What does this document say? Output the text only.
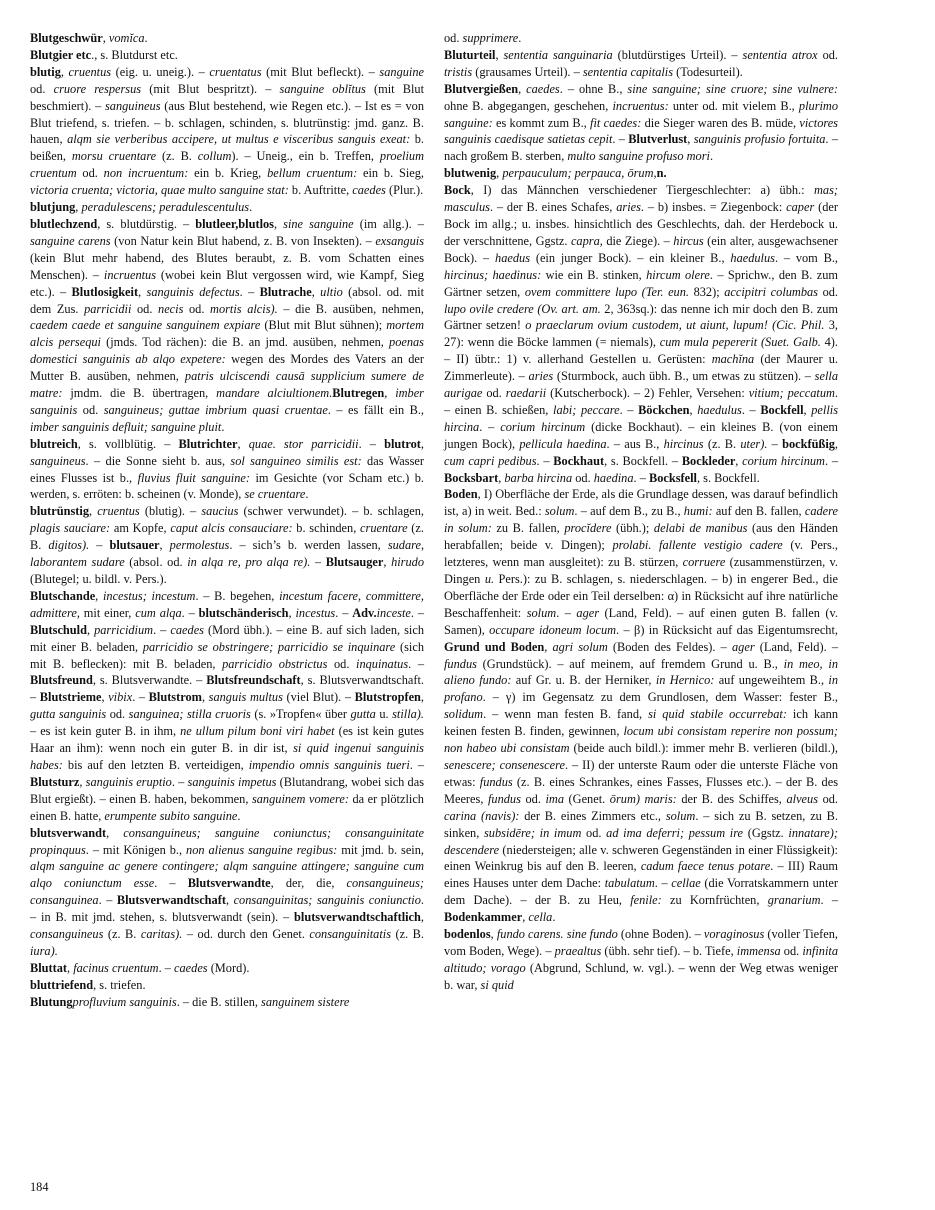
Blutgeschwür, vomĭca.

Blutgier etc., s. Blutdurst etc.

blutig, cruentus (eig. u. uneig.). – cruentatus (mit Blut befleckt). – sanguine od. cruore respersus (mit Blut bespritzt). – sanguine oblĭtus (mit Blut beschmiert). – sanguineus (aus Blut bestehend, wie Regen etc.). – Ist es = von Blut triefend, s. triefen. – b. schlagen, schinden, s. blutrünstig: jmd. ganz. B. hauen, alqm sie verberibus accipere, ut multus e visceribus sanguis exeat: b. beißen, morsu cruentare (z. B. collum). – Uneig., ein b. Treffen, proelium cruentum od. non incruentum: ein b. Krieg, bellum cruentum: ein b. Sieg, victoria cruenta; victoria, quae multo sanguine stat: b. Auftritte, caedes (Plur.).

blutjung, peradulescens; peradulescentulus.

blutlechzend, s. blutdürstig. – blutleer,blutlos, sine sanguine (im allg.). – sanguine carens (von Natur kein Blut habend, z. B. von Insekten). – exsanguis (kein Blut mehr habend, des Blutes beraubt, z. B. vom Schatten eines Menschen). – incruentus (wobei kein Blut vergossen wird, wie Kampf, Sieg etc.). – Blutlosigkeit, sanguinis defectus. – Blutrache, ultio (absol. od. mit dem Zus. parricidii od. necis od. mortis alcis). – die B. ausüben, nehmen, caedem caede et sanguine sanguinem expiare (Blut mit Blut sühnen); mortem alcis persequi (jmds. Tod rächen): die B. an jmd. ausüben, nehmen, poenas domestici sanguinis ab alqo expetere: wegen des Mordes des Vaters an der Mutter B. ausüben, nehmen, patris ulciscendi causā supplicium sumere de matre: jmdm. die B. übertragen, mandare alciultionem.Blutregen, imber sanguinis od. sanguineus; guttae imbrium quasi cruentae. – es fällt ein B., imber sanguinis defluit; sanguine pluit.

blutreich, s. vollblütig. – Blutrichter, quae. stor parricidii. – blutrot, sanguineus. – die Sonne sieht b. aus, sol sanguineo similis est: das Wasser eines Flusses ist b., fluvius fluit sanguine: im Gesichte (vor Scham etc.) b. werden, s. erröten: b. scheinen (v. Monde), se cruentare.

blutrünstig, cruentus (blutig). – saucius (schwer verwundet). – b. schlagen, plagis sauciare: am Kopfe, caput alcis consauciare: b. schinden, cruentare (z. B. digitos). – blutsauer, permolestus. – sich’s b. werden lassen, sudare, laborantem sudare (absol. od. in alqa re, pro alqa re). – Blutsauger, hirudo (Blutegel; u. bildl. v. Pers.).

Blutschande, incestus; incestum. – B. begehen, incestum facere, committere, admittere, mit einer, cum alqa. – blutschänderisch, incestus. – Adv.inceste. – Blutschuld, parricidium. – caedes (Mord übh.). – eine B. auf sich laden, sich mit einer B. beladen, parricidio se obstringere; parricidio se inquinare (sich mit B. beflecken): mit B. beladen, parricidio obstrictus od. inquinatus. – Blutsfreund, s. Blutsverwandte. – Blutsfreundschaft, s. Blutsverwandtschaft. – Blutstrieme, vibix. – Blutstrom, sanguis multus (viel Blut). – Blutstropfen, gutta sanguinis od. sanguinea; stilla cruoris (s. »Tropfen« über gutta u. stilla). – es ist kein guter B. in ihm, ne ullum pilum boni viri habet (es ist kein gutes Haar an ihm): wenn noch ein guter B. in dir ist, si quid ingenui sanguinis habes: bis auf den letzten B. verteidigen, impendio omnis sanguinis tueri. – Blutsturz, sanguinis eruptio. – sanguinis impetus (Blutandrang, wobei sich das Blut ergießt). – einen B. haben, bekommen, sanguinem vomere: da er plötzlich einen B. hatte, erumpente subito sanguine.

blutsverwandt, consanguineus; sanguine coniunctus; consanguinitate propinquus. – mit Königen b., non alienus sanguine regibus: mit jmd. b. sein, alqm sanguine ac genere contingere; alqm sanguine attingere; sanguine cum alqo coniunctum esse. – Blutsverwandte, der, die, consanguineus; consanguinea. – Blutsverwandtschaft, consanguinitas; sanguinis coniunctio. – in B. mit jmd. stehen, s. blutsverwandt (sein). – blutsverwandtschaftlich, consanguineus (z. B. caritas). – od. durch den Genet. consanguinitatis (z. B. iura).

Bluttat, facinus cruentum. – caedes (Mord).

bluttriefend, s. triefen.

Blutungprofluvium sanguinis. – die B. stillen, sanguinem sistere

od. supprimere.

Bluturteil, sententia sanguinaria (blutdürstiges Urteil). – sententia atrox od. tristis (grausames Urteil). – sententia capitalis (Todesurteil).

Blutvergießen, caedes. – ohne B., sine sanguine; sine cruore; sine vulnere: ohne B. abgegangen, geschehen, incruentus: unter od. mit vielem B., plurimo sanguine: es kommt zum B., fit caedes: die Sieger waren des B. müde, victores sanguinis caedisque satietas cepit. – Blutverlust, sanguinis profusio fortuita. – nach großem B. sterben, multo sanguine profuso mori.

blutwenig, perpauculum; perpauca, ōrum,n.

Bock, I) das Männchen verschiedener Tiergeschlechter: a) übh.: mas; masculus. – der B. eines Schafes, aries. – b) insbes. = Ziegenbock: caper (der Bock im allg.; u. insbes. hinsichtlich des Geschlechts, dah. der Herdebock u. der verschnittene, Ggstz. capra, die Ziege). – hircus (ein alter, ausgewachsener Bock). – haedus (ein junger Bock). – ein kleiner B., haedulus. – vom B., hircinus; haedinus: wie ein B. stinken, hircum olere. – Sprichw., den B. zum Gärtner setzen, ovem committere lupo (Ter. eun. 832); accipitri columbas od. lupo ovile credere (Ov. art. am. 2, 363sq.): das nenne ich mir doch den B. zum Gärtner setzen! o praeclarum ovium custodem, ut aiunt, lupum! (Cic. Phil. 3, 27): wenn die Böcke lammen (= niemals), cum mula pepererit (Suet. Galb. 4). – II) übtr.: 1) v. allerhand Gestellen u. Gerüsten: machĭna (der Maurer u. Zimmerleute). – aries (Sturmbock, auch übh. B., um etwas zu stützen). – sella aurigae od. raedarii (Kutscherbock). – 2) Fehler, Versehen: vitium; peccatum. – einen B. schießen, labi; peccare. – Böckchen, haedulus. – Bockfell, pellis hircina. – corium hircinum (dicke Bockhaut). – ein kleines B. (von einem jungen Bock), pellicula haedina. – aus B., hircinus (z. B. uter). – bockfüßig, cum capri pedibus. – Bockhaut, s. Bockfell. – Bockleder, corium hircinum. – Bocksbart, barba hircina od. haedina. – Bocksfell, s. Bockfell.

Boden, I) Oberfläche der Erde, als die Grundlage dessen, was darauf befindlich ist, a) in weit. Bed.: solum. – auf dem B., zu B., humi: auf den B. fallen, cadere in solum: zu B. fallen, procĭdere (übh.); delabi de manibus (aus den Händen herabfallen; beide v. Dingen); prolabi. fallente vestigio cadere (v. Pers., letzteres, wenn man ausgleitet): zu B. stürzen, corruere (zusammenstürzen, v. Dingen u. Pers.): zu B. schlagen, s. niederschlagen. – b) in engerer Bed., die Oberfläche der Erde oder ein Teil derselben: α) in Rücksicht auf ihre natürliche Beschaffenheit: solum. – ager (Land, Feld). – auf einen guten B. fallen (v. Samen), occupare idoneum locum. – β) in Rücksicht auf das Eigentumsrecht, Grund und Boden, agri solum (Boden des Feldes). – ager (Land, Feld). – fundus (Grundstück). – auf meinem, auf fremdem Grund u. B., in meo, in alieno fundo: auf Gr. u. B. der Herniker, in Hernico: auf ungeweihtem B., in profano. – γ) im Gegensatz zu dem Grundlosen, dem Wasser: fester B., solidum. – wenn man festen B. fand, si quid stabile occurrebat: ich kann keinen festen B. finden, gewinnen, locum ubi consistam reperire non possum; non habeo ubi consistam (beide auch bildl.): immer mehr B. verlieren (bildl.), senescere; consenescere. – II) der unterste Raum oder die unterste Fläche von etwas: fundus (z. B. eines Schrankes, eines Fasses, Flusses etc.). – der B. des Meeres, fundus od. ima (Genet. ōrum) maris: der B. des Schiffes, alveus od. carina (navis): der B. eines Zimmers etc., solum. – sich zu B. setzen, zu B. sinken, subsidēre; in imum od. ad ima deferri; pessum ire (Ggstz. innatare); descendere (niedersteigen; alle v. schweren Gegenständen in einer Flüssigkeit): einen Weinkrug bis auf den B. leeren, cadum faece tenus potare. – III) Raum eines Hauses unter dem Dache: tabulatum. – cellae (die Vorratskammern unter dem Dache). – der B. zu Heu, fenile: zu Kornfrüchten, granarium. – Bodenkammer, cella.

bodenlos, fundo carens. sine fundo (ohne Boden). – voraginosus (voller Tiefen, vom Boden, Wege). – praealtus (übh. sehr tief). – b. Tiefe, immensa od. infinita altitudo; vorago (Abgrund, Schlund, w. vgl.). – wenn der Weg etwas weniger b. war, si quid

184
